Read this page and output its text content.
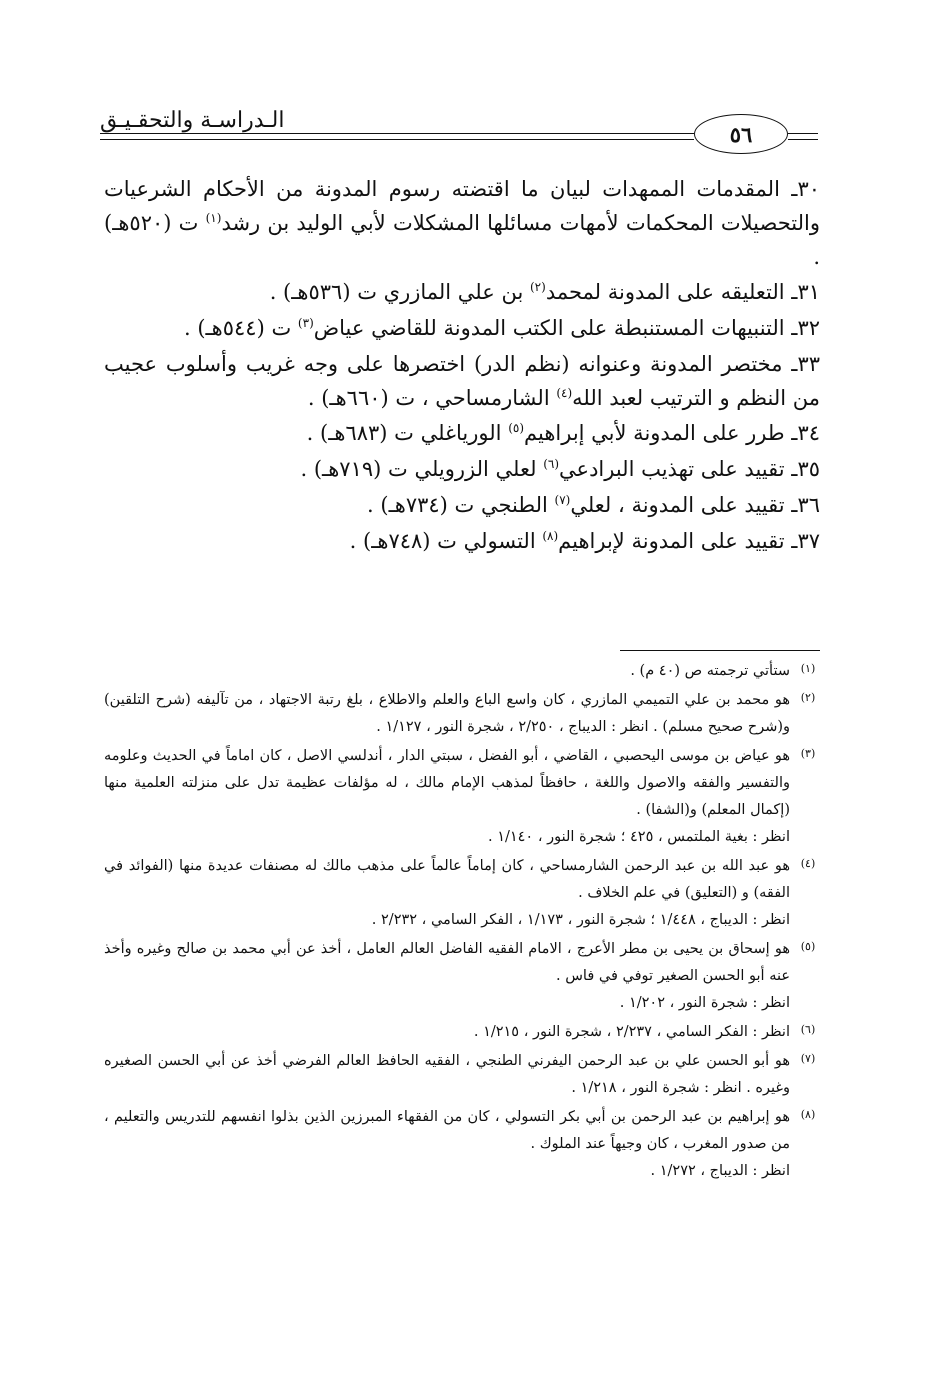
الـدراسـة والتحقـيـق
٥٦

٣٠ـ المقدمات الممهدات لبيان ما اقتضته رسوم المدونة من الأحكام الشرعيات والتحصيلات المحكمات لأمهات مسائلها المشكلات لأبي الوليد بن رشد$^{(١)}$ ت (٥٢٠هـ) .

٣١ـ التعليقه على المدونة لمحمد$^{(٢)}$ بن علي المازري ت (٥٣٦هـ) .

٣٢ـ التنبيهات المستنبطة على الكتب المدونة للقاضي عياض$^{(٣)}$ ت (٥٤٤هـ) .

٣٣ـ مختصر المدونة وعنوانه (نظم الدر) اختصرها على وجه غريب وأسلوب عجيب من النظم و الترتيب لعبد الله$^{(٤)}$ الشارمساحي ، ت (٦٦٠هـ) .

٣٤ـ طرر على المدونة لأبي إبراهيم$^{(٥)}$ الورياغلي ت (٦٨٣هـ) .

٣٥ـ تقييد على تهذيب البرادعي$^{(٦)}$ لعلي الزرويلي ت (٧١٩هـ) .

٣٦ـ تقييد على المدونة ، لعلي$^{(٧)}$ الطنجي ت (٧٣٤هـ) .

٣٧ـ تقييد على المدونة لإبراهيم$^{(٨)}$ التسولي ت (٧٤٨هـ) .

(١)

ستأتي ترجمته ص (٤٠ م) .

(٢)

هو محمد بن علي التميمي المازري ، كان واسع الباع والعلم والاطلاع ، بلغ رتبة الاجتهاد ، من تآليفه (شرح التلقين) و(شرح صحيح مسلم) . انظر : الديباج ، ٢/٢٥٠ ، شجرة النور ، ١/١٢٧ .

(٣)

هو عياض بن موسى اليحصبي ، القاضي ، أبو الفضل ، سبتي الدار ، أندلسي الاصل ، كان اماماً في الحديث وعلومه والتفسير والفقه والاصول واللغة ، حافظاً لمذهب الإمام مالك ، له مؤلفات عظيمة تدل على منزلته العلمية منها (إكمال المعلم) و(الشفا) .

انظر : بغية الملتمس ، ٤٢٥ ؛ شجرة النور ، ١/١٤٠ .

(٤)

هو عبد الله بن عبد الرحمن الشارمساحي ، كان إماماً عالماً على مذهب مالك له مصنفات عديدة منها (الفوائد في الفقه) و (التعليق) في علم الخلاف .

انظر : الديباج ، ١/٤٤٨ ؛ شجرة النور ، ١/١٧٣ ، الفكر السامي ، ٢/٢٣٢ .

(٥)

هو إسحاق بن يحيى بن مطر الأعرج ، الامام الفقيه الفاضل العالم العامل ، أخذ عن أبي محمد بن صالح وغيره وأخذ عنه أبو الحسن الصغير توفي في فاس .

انظر : شجرة النور ، ١/٢٠٢ .

(٦)

انظر : الفكر السامي ، ٢/٢٣٧ ، شجرة النور ، ١/٢١٥ .

(٧)

هو أبو الحسن علي بن عبد الرحمن اليفرني الطنجي ، الفقيه الحافظ العالم الفرضي أخذ عن أبي الحسن الصغيره وغيره . انظر : شجرة النور ، ١/٢١٨ .

(٨)

هو إبراهيم بن عبد الرحمن بن أبي بكر التسولي ، كان من الفقهاء المبرزين الذين بذلوا انفسهم للتدريس والتعليم ، من صدور المغرب ، كان وجيهاً عند الملوك .

انظر : الديباج ، ١/٢٧٢ .
